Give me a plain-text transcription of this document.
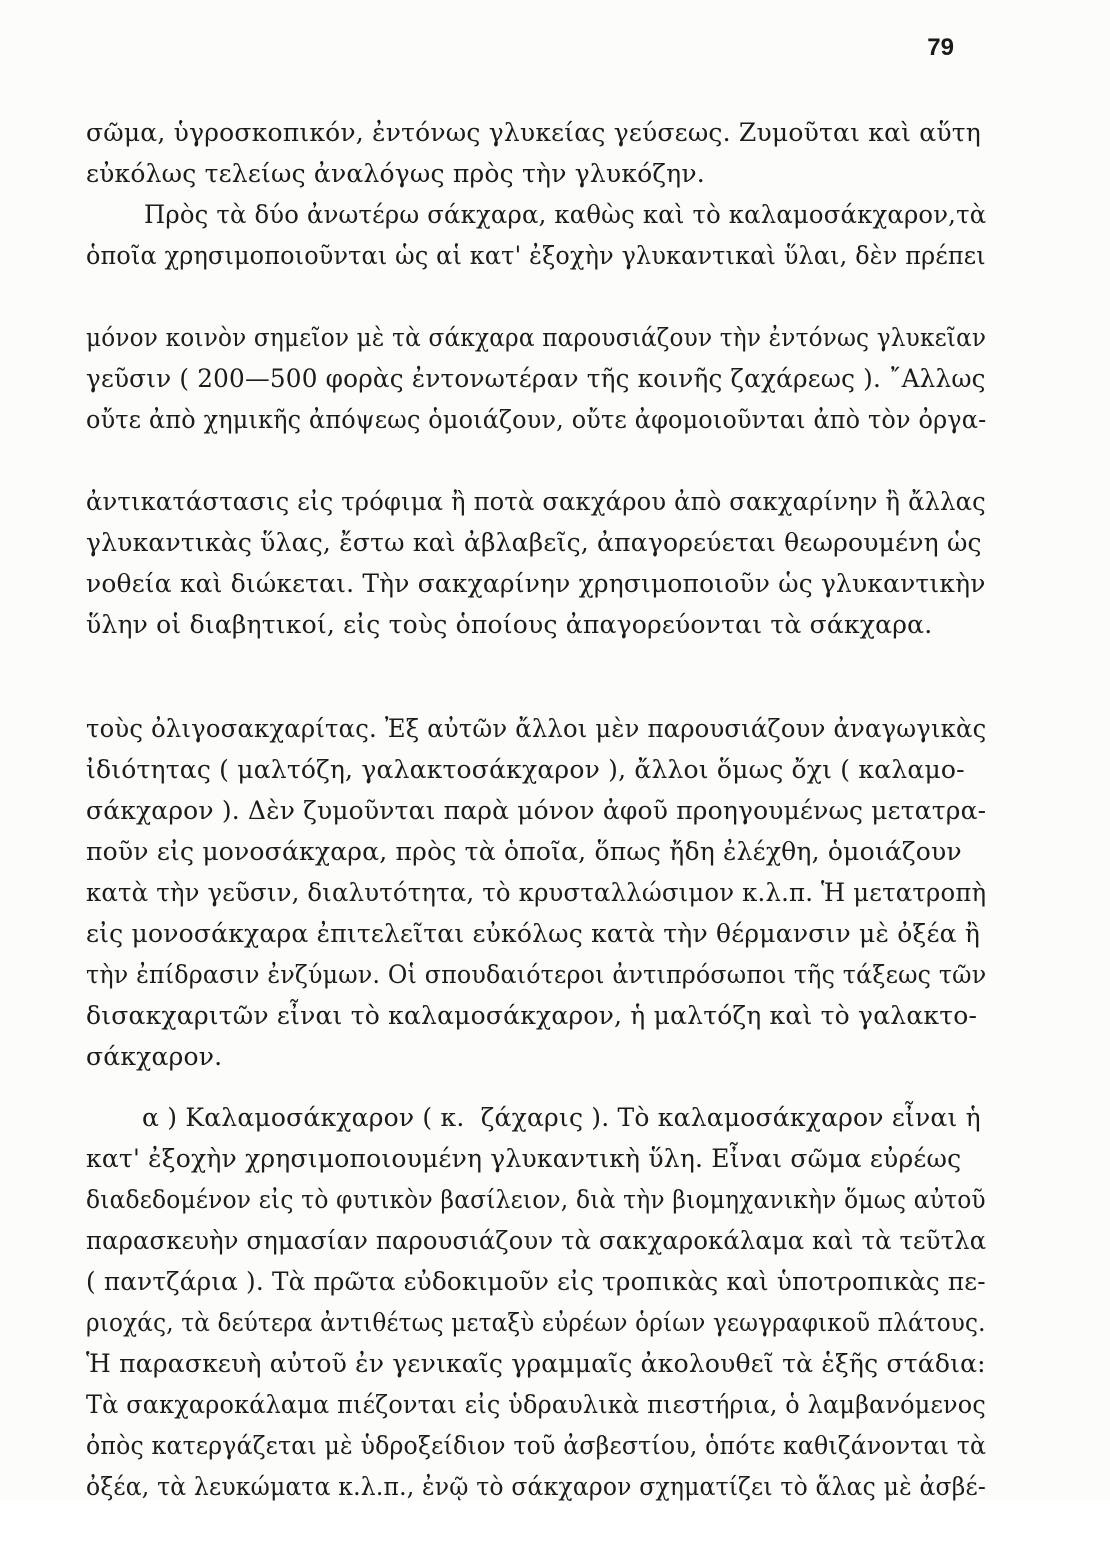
79
σῶμα, ὑγροσκοπικόν, ἐντόνως γλυκείας γεύσεως. Ζυμοῦται καὶ αὕτη
εὐκόλως τελείως ἀναλόγως πρὸς τὴν γλυκόζην.
Πρὸς τὰ δύο ἀνωτέρω σάκχαρα, καθὼς καὶ τὸ καλαμοσάκχαρον,τὰ
ὁποῖα χρησιμοποιοῦνται ὡς αἱ κατ' ἐξοχὴν γλυκαντικαὶ ὕλαι, δὲν πρέπει

μόνον κοινὸν σημεῖον μὲ τὰ σάκχαρα παρουσιάζουν τὴν ἐντόνως γλυκεῖαν
γεῦσιν ( 200—500 φορὰς ἐντονωτέραν τῆς κοινῆς ζαχάρεως ). ῎Αλλως
οὔτε ἀπὸ χημικῆς ἀπόψεως ὁμοιάζουν, οὔτε ἀφομοιοῦνται ἀπὸ τὸν ὀργα-

ἀντικατάστασις εἰς τρόφιμα ἢ ποτὰ σακχάρου ἀπὸ σακχαρίνην ἢ ἄλλας
γλυκαντικὰς ὕλας, ἔστω καὶ ἀβλαβεῖς, ἀπαγορεύεται θεωρουμένη ὡς
νοθεία καὶ διώκεται. Τὴν σακχαρίνην χρησιμοποιοῦν ὡς γλυκαντικὴν
ὕλην οἱ διαβητικοί, εἰς τοὺς ὁποίους ἀπαγορεύονται τὰ σάκχαρα.

τοὺς ὀλιγοσακχαρίτας. Ἐξ αὐτῶν ἄλλοι μὲν παρουσιάζουν ἀναγωγικὰς
ἰδιότητας ( μαλτόζη, γαλακτοσάκχαρον ), ἄλλοι ὅμως ὄχι ( καλαμο-
σάκχαρον ). Δὲν ζυμοῦνται παρὰ μόνον ἀφοῦ προηγουμένως μετατρα-
ποῦν εἰς μονοσάκχαρα, πρὸς τὰ ὁποῖα, ὅπως ἤδη ἐλέχθη, ὁμοιάζουν
κατὰ τὴν γεῦσιν, διαλυτότητα, τὸ κρυσταλλώσιμον κ.λ.π. Ἡ μετατροπὴ
εἰς μονοσάκχαρα ἐπιτελεῖται εὐκόλως κατὰ τὴν θέρμανσιν μὲ ὀξέα ἢ
τὴν ἐπίδρασιν ἐνζύμων. Οἱ σπουδαιότεροι ἀντιπρόσωποι τῆς τάξεως τῶν
δισακχαριτῶν εἶναι τὸ καλαμοσάκχαρον, ἡ μαλτόζη καὶ τὸ γαλακτο-
σάκχαρον.
α ) Καλαμοσάκχαρον ( κ.  ζάχαρις ). Τὸ καλαμοσάκχαρον εἶναι ἡ
κατ' ἐξοχὴν χρησιμοποιουμένη γλυκαντικὴ ὕλη. Εἶναι σῶμα εὐρέως
διαδεδομένον εἰς τὸ φυτικὸν βασίλειον, διὰ τὴν βιομηχανικὴν ὅμως αὐτοῦ
παρασκευὴν σημασίαν παρουσιάζουν τὰ σακχαροκάλαμα καὶ τὰ τεῦτλα
( παντζάρια ). Τὰ πρῶτα εὐδοκιμοῦν εἰς τροπικὰς καὶ ὑποτροπικὰς πε-
ριοχάς, τὰ δεύτερα ἀντιθέτως μεταξὺ εὐρέων ὁρίων γεωγραφικοῦ πλάτους.
Ἡ παρασκευὴ αὐτοῦ ἐν γενικαῖς γραμμαῖς ἀκολουθεῖ τὰ ἑξῆς στάδια:
Τὰ σακχαροκάλαμα πιέζονται εἰς ὑδραυλικὰ πιεστήρια, ὁ λαμβανόμενος
ὀπὸς κατεργάζεται μὲ ὑδροξείδιον τοῦ ἀσβεστίου, ὁπότε καθιζάνονται τὰ
ὀξέα, τὰ λευκώματα κ.λ.π., ἐνῷ τὸ σάκχαρον σχηματίζει τὸ ἅλας μὲ ἀσβέ-
